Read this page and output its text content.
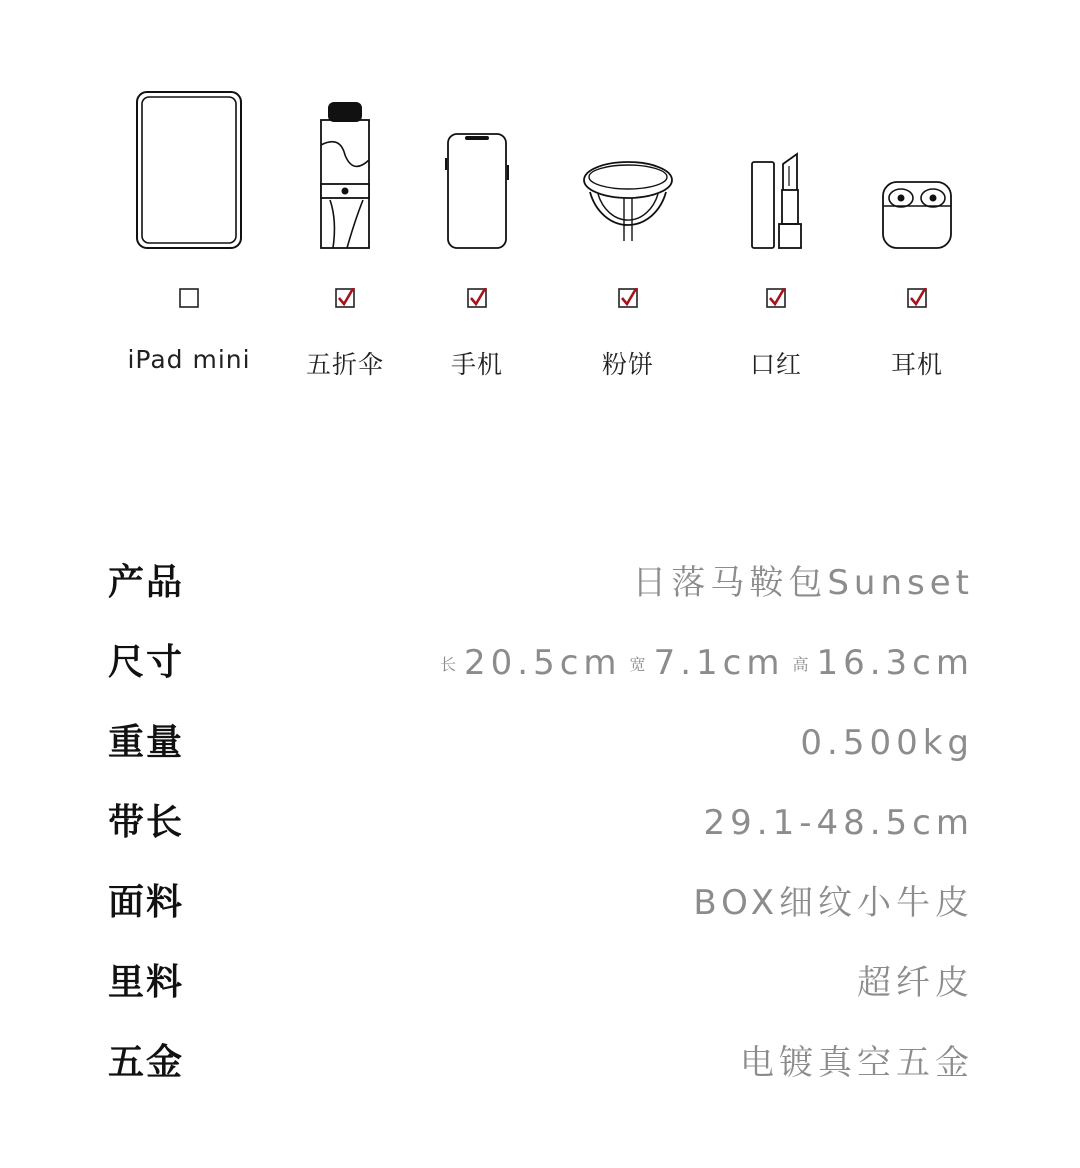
iPad mini	五折伞	手机	粉饼	口红	耳机
产品	日落马鞍包Sunset
尺寸	长 20.5cm 宽 7.1cm 高 16.3cm
重量	0.500kg
带长	29.1-48.5cm
面料	BOX细纹小牛皮
里料	超纤皮
五金	电镀真空五金
